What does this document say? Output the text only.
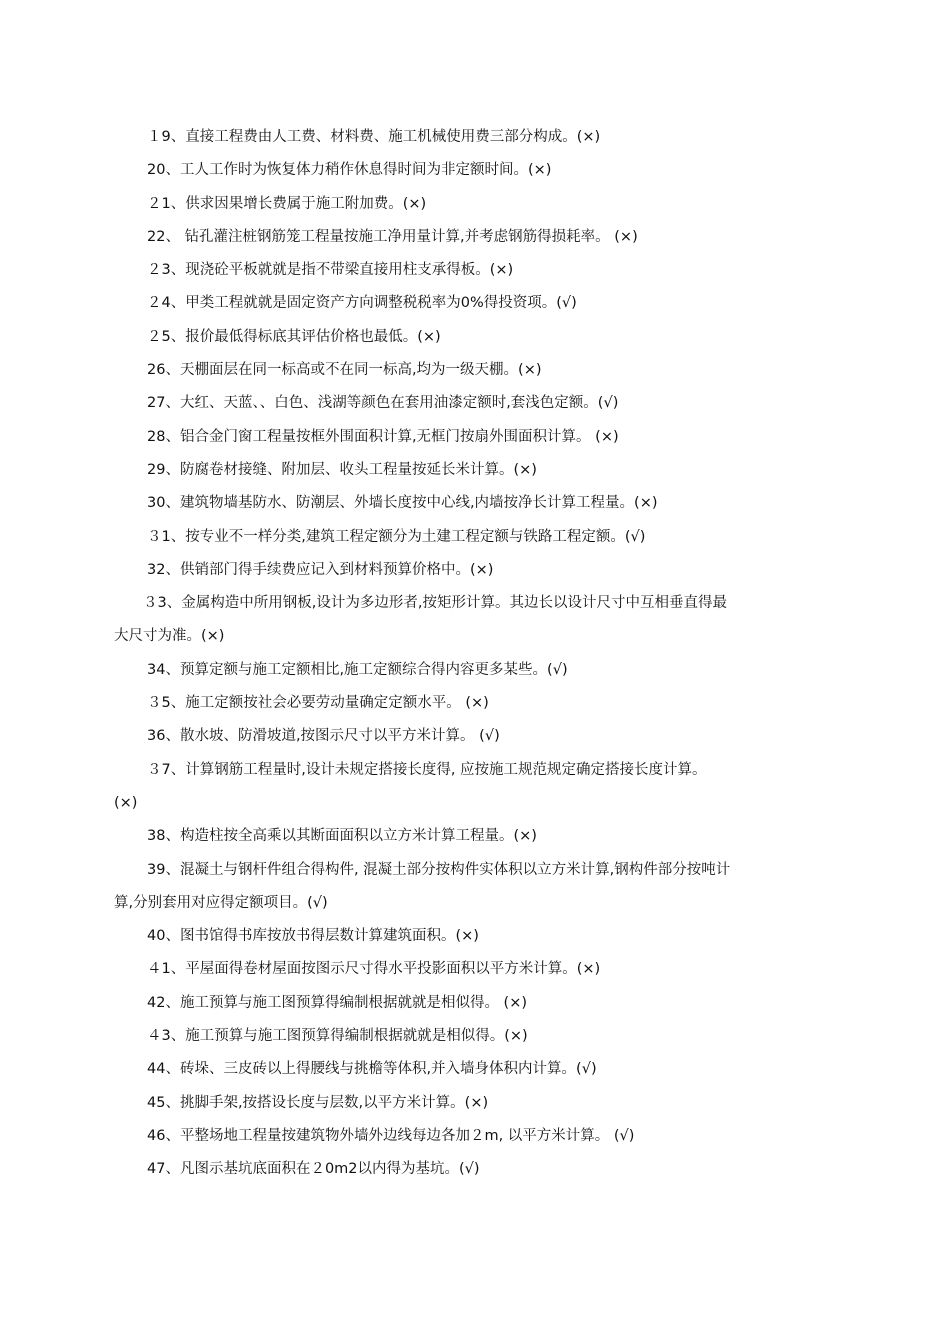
１9、直接工程费由人工费、材料费、施工机械使用费三部分构成。(×)
20、工人工作时为恢复体力稍作休息得时间为非定额时间。(×)
２1、供求因果增长费属于施工附加费。(×)
22、 钻孔灌注桩钢筋笼工程量按施工净用量计算,并考虑钢筋得损耗率。 (×)
２3、现浇砼平板就就是指不带梁直接用柱支承得板。(×)
２4、甲类工程就就是固定资产方向调整税税率为0%得投资项。(√)
２5、报价最低得标底其评估价格也最低。(×)
26、天棚面层在同一标高或不在同一标高,均为一级天棚。(×)
27、大红、天蓝、、白色、浅湖等颜色在套用油漆定额时,套浅色定额。(√)
28、铝合金门窗工程量按框外围面积计算,无框门按扇外围面积计算。 (×)
29、防腐卷材接缝、附加层、收头工程量按延长米计算。(×)
30、建筑物墙基防水、防潮层、外墙长度按中心线,内墙按净长计算工程量。(×)
３1、按专业不一样分类,建筑工程定额分为土建工程定额与铁路工程定额。(√)
32、供销部门得手续费应记入到材料预算价格中。(×)
３3、金属构造中所用钢板,设计为多边形者,按矩形计算。其边长以设计尺寸中互相垂直得最
大尺寸为准。(×)
34、预算定额与施工定额相比,施工定额综合得内容更多某些。(√)
３5、施工定额按社会必要劳动量确定定额水平。 (×)
36、散水坡、防滑坡道,按图示尺寸以平方米计算。 (√)
３7、计算钢筋工程量时,设计未规定搭接长度得, 应按施工规范规定确定搭接长度计算。
(×)
38、构造柱按全高乘以其断面面积以立方米计算工程量。(×)
39、混凝土与钢杆件组合得构件, 混凝土部分按构件实体积以立方米计算,钢构件部分按吨计
算,分别套用对应得定额项目。(√)
40、图书馆得书库按放书得层数计算建筑面积。(×)
４1、平屋面得卷材屋面按图示尺寸得水平投影面积以平方米计算。(×)
42、施工预算与施工图预算得编制根据就就是相似得。 (×)
４3、施工预算与施工图预算得编制根据就就是相似得。(×)
44、砖垛、三皮砖以上得腰线与挑檐等体积,并入墙身体积内计算。(√)
45、挑脚手架,按搭设长度与层数,以平方米计算。(×)
46、平整场地工程量按建筑物外墙外边线每边各加２m, 以平方米计算。 (√)
47、凡图示基坑底面积在２0m2以内得为基坑。(√)
